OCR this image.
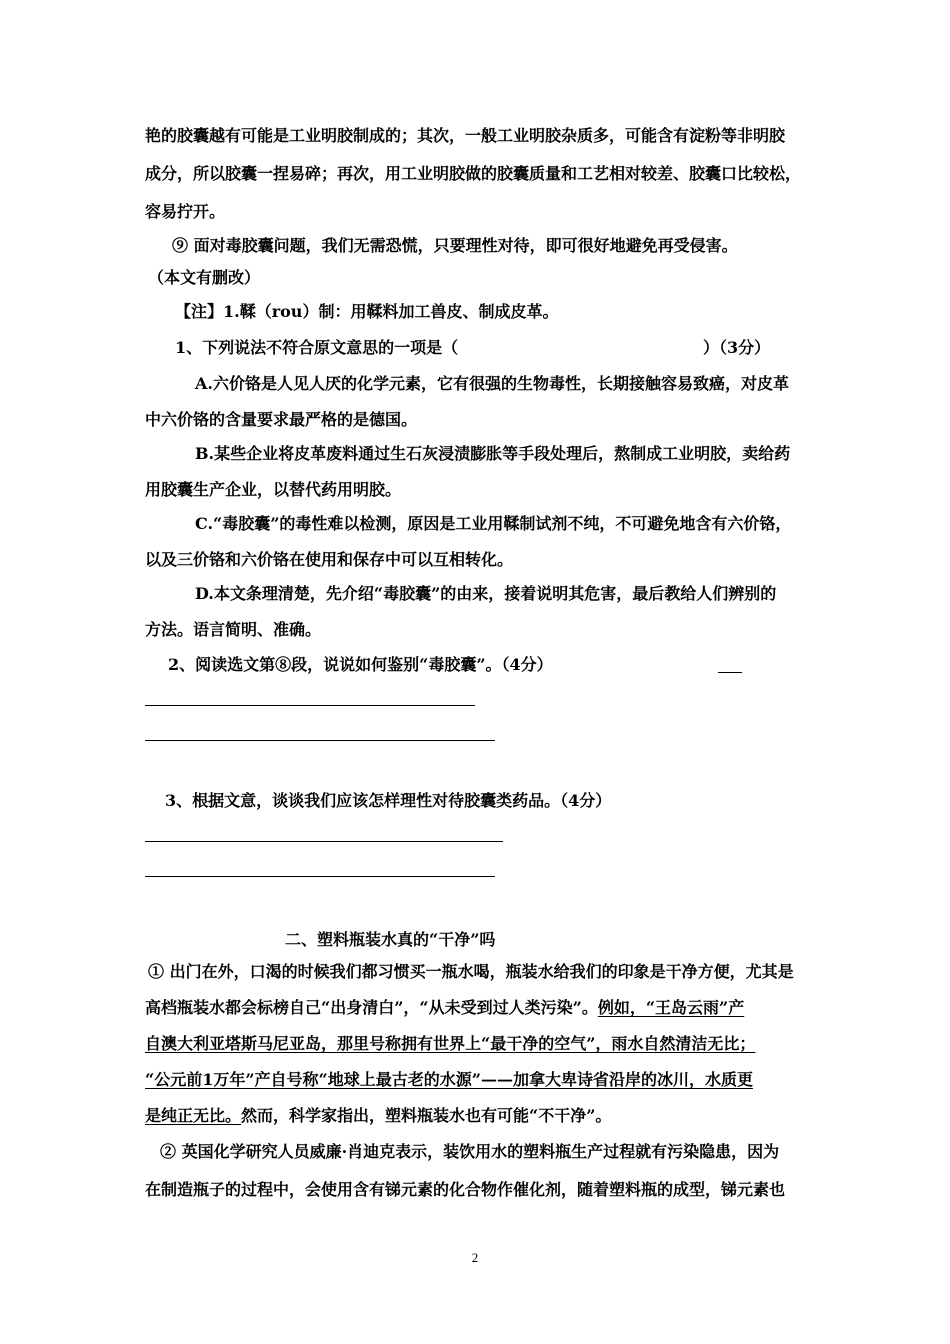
艳的胶囊越有可能是工业明胶制成的；其次，一般工业明胶杂质多，可能含有淀粉等非明胶
成分，所以胶囊一捏易碎；再次，用工业明胶做的胶囊质量和工艺相对较差、胶囊口比较松，
容易拧开。
⑨ 面对毒胶囊问题，我们无需恐慌，只要理性对待，即可很好地避免再受侵害。
（本文有删改）
【注】1.鞣（rou）制：用鞣料加工兽皮、制成皮革。
1、下列说法不符合原文意思的一项是（	）（3分）
A.六价铬是人见人厌的化学元素，它有很强的生物毒性，长期接触容易致癌，对皮革
中六价铬的含量要求最严格的是德国。
B.某些企业将皮革废料通过生石灰浸渍膨胀等手段处理后，熬制成工业明胶，卖给药
用胶囊生产企业，以替代药用明胶。
C.“毒胶囊”的毒性难以检测，原因是工业用鞣制试剂不纯，不可避免地含有六价铬，
以及三价铬和六价铬在使用和保存中可以互相转化。
D.本文条理清楚，先介绍“毒胶囊”的由来，接着说明其危害，最后教给人们辨别的
方法。语言简明、准确。
2、阅读选文第⑧段，说说如何鉴别“毒胶囊”。（4分）
3、根据文意，谈谈我们应该怎样理性对待胶囊类药品。（4分）
二、塑料瓶装水真的“干净”吗
① 出门在外，口渴的时候我们都习惯买一瓶水喝，瓶装水给我们的印象是干净方便，尤其是
高档瓶装水都会标榜自己“出身清白”，“从未受到过人类污染”。例如，“王岛云雨”产
自澳大利亚塔斯马尼亚岛，那里号称拥有世界上“最干净的空气”，雨水自然清洁无比；
“公元前1万年”产自号称“地球上最古老的水源”——加拿大卑诗省沿岸的冰川，水质更
是纯正无比。然而，科学家指出，塑料瓶装水也有可能“不干净”。
② 英国化学研究人员威廉·肖迪克表示，装饮用水的塑料瓶生产过程就有污染隐患，因为
在制造瓶子的过程中，会使用含有锑元素的化合物作催化剂，随着塑料瓶的成型，锑元素也
2
